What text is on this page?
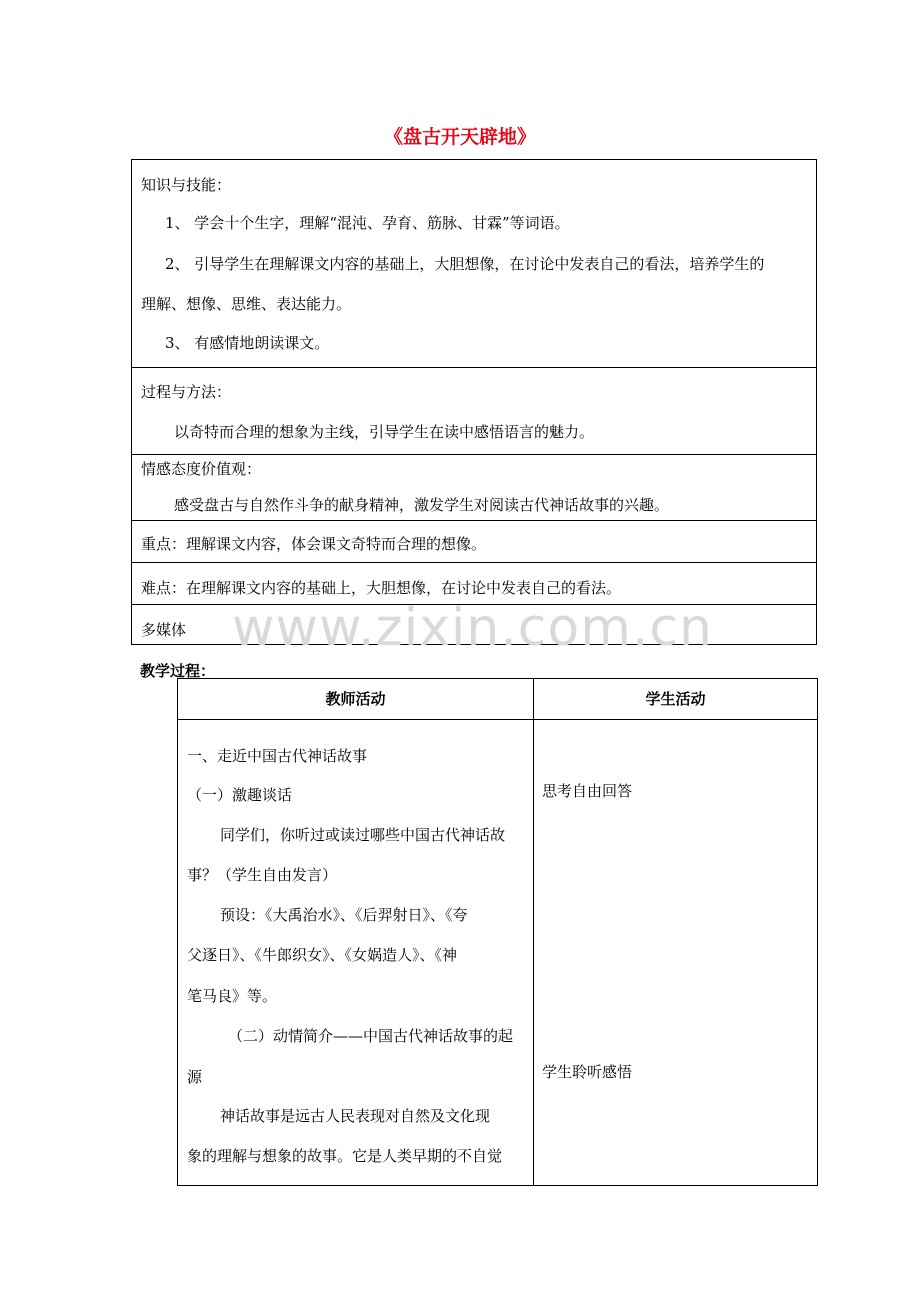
《盘古开天辟地》
知识与技能：
1、 学会十个生字，理解“混沌、孕育、筋脉、甘霖”等词语。
2、 引导学生在理解课文内容的基础上，大胆想像，在讨论中发表自己的看法，培养学生的
理解、想像、思维、表达能力。
3、 有感情地朗读课文。
过程与方法：
以奇特而合理的想象为主线，引导学生在读中感悟语言的魅力。
情感态度价值观：
感受盘古与自然作斗争的献身精神，激发学生对阅读古代神话故事的兴趣。
重点：理解课文内容，体会课文奇特而合理的想像。
难点：在理解课文内容的基础上，大胆想像，在讨论中发表自己的看法。
多媒体 www.zixin.com.cn
教学过程：
教师活动	学生活动
一、走近中国古代神话故事
（一）激趣谈话
同学们，你听过或读过哪些中国古代神话故
事？（学生自由发言）
预设：《大禹治水》、《后羿射日》、《夸
父逐日》、《牛郎织女》、《女娲造人》、《神
笔马良》等。
（二）动情简介——中国古代神话故事的起
源
神话故事是远古人民表现对自然及文化现
象的理解与想象的故事。它是人类早期的不自觉
思考自由回答
学生聆听感悟
